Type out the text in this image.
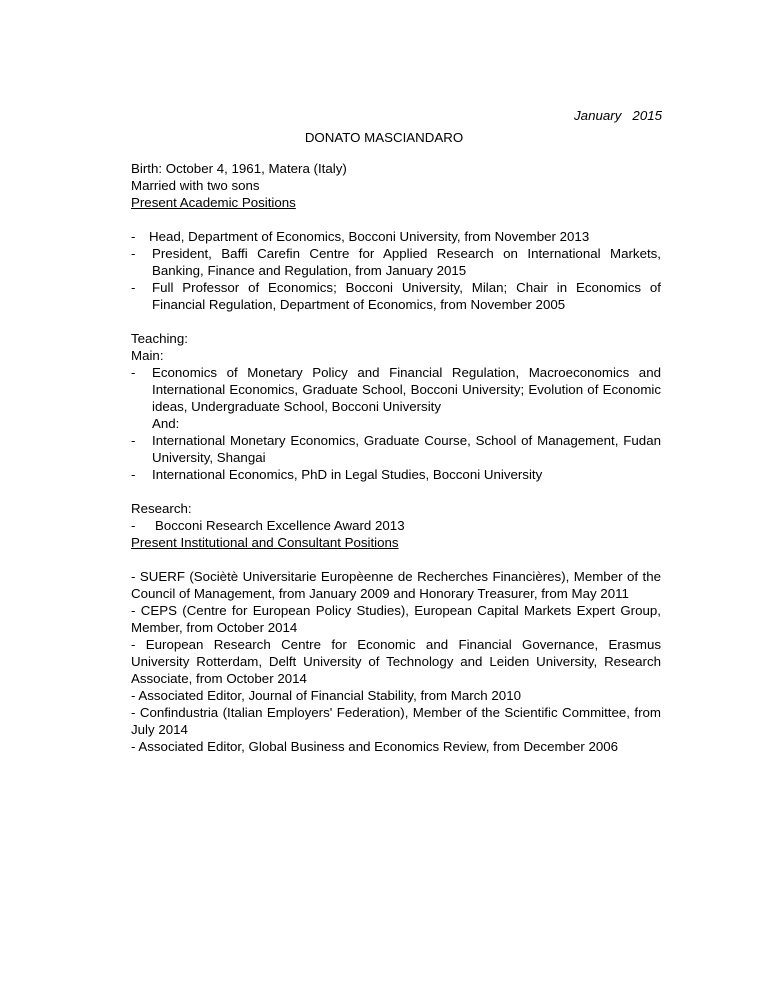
January   2015
DONATO MASCIANDARO

Birth: October 4, 1961, Matera (Italy)

Married with two sons

Present Academic Positions

- Head, Department of Economics, Bocconi University, from November 2013
- President, Baffi Carefin Centre for Applied Research on International Markets, Banking, Finance and Regulation, from January 2015
- Full Professor of Economics; Bocconi University, Milan; Chair in Economics of Financial Regulation, Department of Economics, from November 2005

Teaching:

Main:

- Economics of Monetary Policy and Financial Regulation, Macroeconomics and International Economics, Graduate School, Bocconi University; Evolution of Economic ideas, Undergraduate School, Bocconi University
And:
- International Monetary Economics, Graduate Course, School of Management, Fudan University, Shangai
- International Economics, PhD in Legal Studies, Bocconi University

Research:

- Bocconi Research Excellence Award 2013

Present Institutional and Consultant Positions

- SUERF (Sociètè Universitarie Europèenne de Recherches Financières), Member of the Council of Management, from January 2009 and Honorary Treasurer, from May 2011

- CEPS (Centre for European Policy Studies), European Capital Markets Expert Group, Member, from October 2014

- European Research Centre for Economic and Financial Governance, Erasmus University Rotterdam, Delft University of Technology and Leiden University, Research Associate, from October 2014

- Associated Editor, Journal of Financial Stability, from March 2010

- Confindustria (Italian Employers' Federation), Member of the Scientific Committee, from July 2014

- Associated Editor, Global Business and Economics Review, from December 2006
